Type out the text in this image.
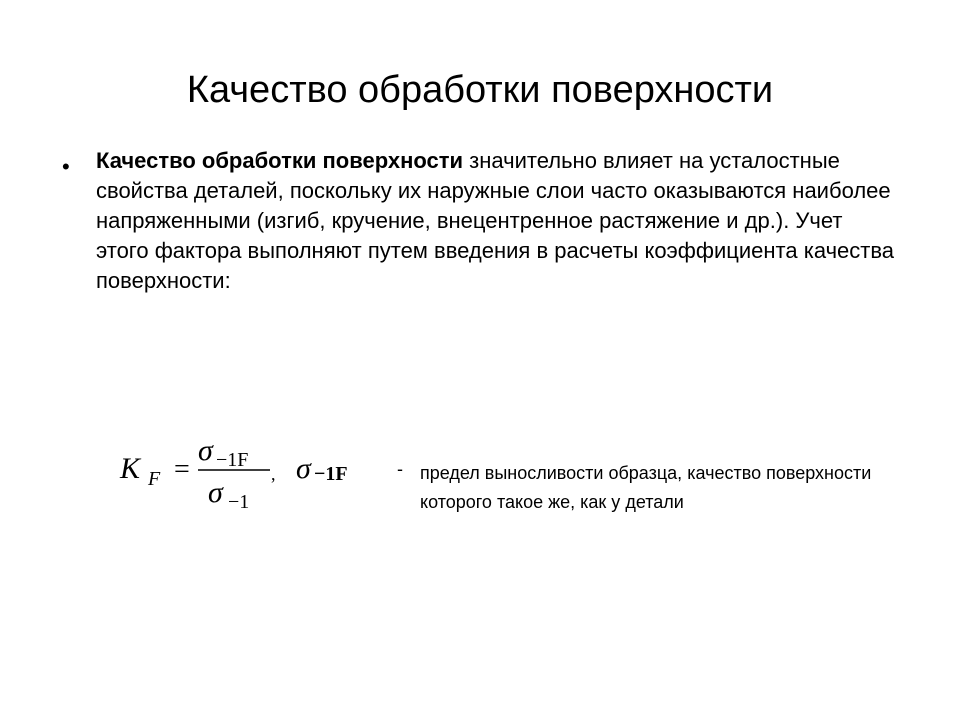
Качество обработки поверхности
• Качество обработки поверхности значительно влияет на усталостные свойства деталей, поскольку их наружные слои часто оказываются наиболее напряженными (изгиб, кручение, внецентренное растяжение и др.). Учет этого фактора выполняют путем введения в расчеты коэффициента качества поверхности:
K F =
σ −1F
σ −1
, σ −1F	- предел выносливости образца, качество поверхности которого такое же, как у детали
